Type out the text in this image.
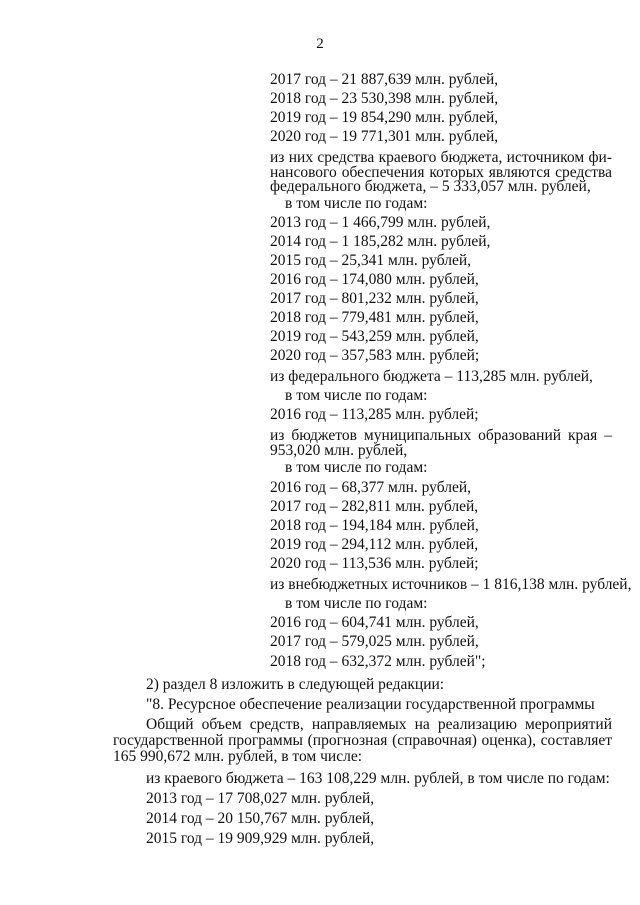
2
2017 год – 21 887,639 млн. рублей,
2018 год – 23 530,398 млн. рублей,
2019 год – 19 854,290 млн. рублей,
2020 год – 19 771,301 млн. рублей,
из них средства краевого бюджета, источником фи-
нансового обеспечения которых являются средства
федерального бюджета, – 5 333,057 млн. рублей,
в том числе по годам:
2013 год – 1 466,799 млн. рублей,
2014 год – 1 185,282 млн. рублей,
2015 год – 25,341 млн. рублей,
2016 год – 174,080 млн. рублей,
2017 год – 801,232 млн. рублей,
2018 год – 779,481 млн. рублей,
2019 год – 543,259 млн. рублей,
2020 год – 357,583 млн. рублей;
из федерального бюджета – 113,285 млн. рублей,
в том числе по годам:
2016 год – 113,285 млн. рублей;
из бюджетов муниципальных образований края –
953,020 млн. рублей,
в том числе по годам:
2016 год – 68,377 млн. рублей,
2017 год – 282,811 млн. рублей,
2018 год – 194,184 млн. рублей,
2019 год – 294,112 млн. рублей,
2020 год – 113,536 млн. рублей;
из внебюджетных источников – 1 816,138 млн. рублей,
в том числе по годам:
2016 год – 604,741 млн. рублей,
2017 год – 579,025 млн. рублей,
2018 год – 632,372 млн. рублей";
2) раздел 8 изложить в следующей редакции:
"8. Ресурсное обеспечение реализации государственной программы
Общий объем средств, направляемых на реализацию мероприятий
государственной программы (прогнозная (справочная) оценка), составляет
165 990,672 млн. рублей, в том числе:
из краевого бюджета – 163 108,229 млн. рублей, в том числе по годам:
2013 год – 17 708,027 млн. рублей,
2014 год – 20 150,767 млн. рублей,
2015 год – 19 909,929 млн. рублей,
